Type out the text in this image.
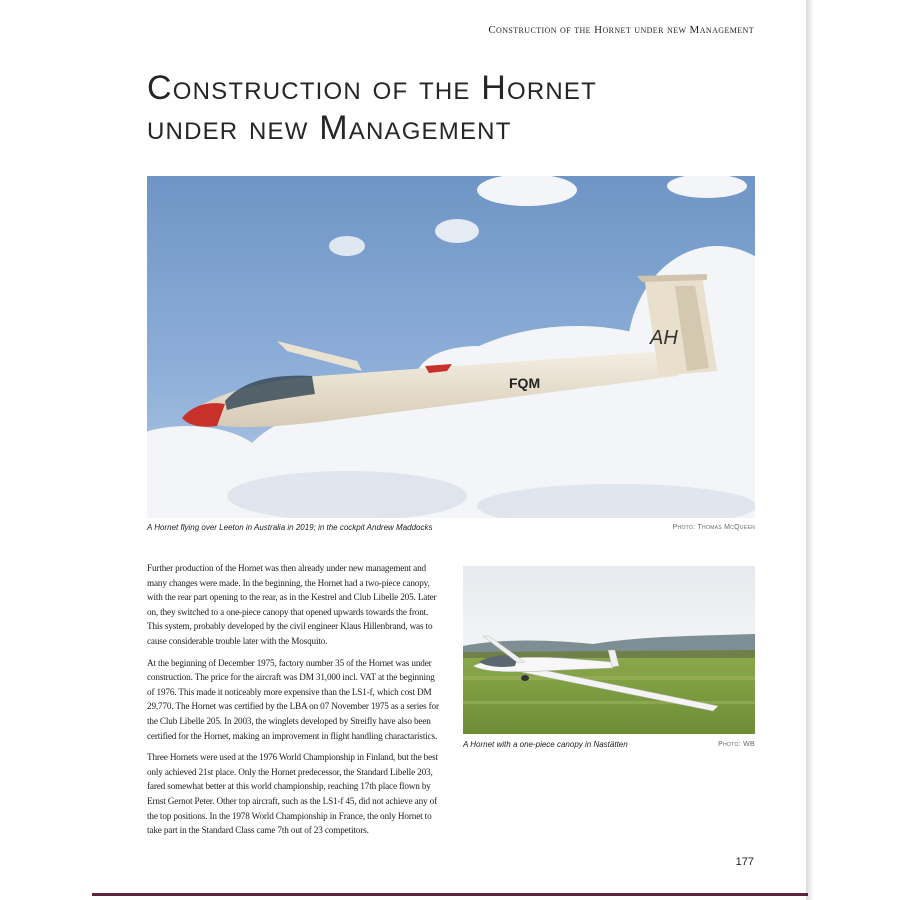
Construction of the Hornet under new Management
Construction of the Hornet
under new Management
FQM
AH
A Hornet flying over Leeton in Australia in 2019; in the cockpit Andrew Maddocks	Photo: Thomas McQueen

Further production of the Hornet was then already under new management and many changes were made. In the beginning, the Hornet had a two-piece canopy, with the rear part opening to the rear, as in the Kestrel and Club Libelle 205. Later on, they switched to a one-piece canopy that opened upwards towards the front. This system, probably developed by the civil engineer Klaus Hillenbrand, was to cause considerable trouble later with the Mosquito.

At the beginning of December 1975, factory number 35 of the Hornet was under construction. The price for the aircraft was DM 31,000 incl. VAT at the beginning of 1976. This made it noticeably more expensive than the LS1-f, which cost DM 29,770. The Hornet was certified by the LBA on 07 November 1975 as a series for the Club Libelle 205. In 2003, the winglets developed by Streifly have also been certified for the Hornet, making an improvement in flight handling charactaristics.

Three Hornets were used at the 1976 World Championship in Finland, but the best only achieved 21st place. Only the Hornet predecessor, the Standard Libelle 203, fared somewhat better at this world championship, reaching 17th place flown by Ernst Gernot Peter. Other top aircraft, such as the LS1-f 45, did not achieve any of the top positions. In the 1978 World Championship in France, the only Hornet to take part in the Standard Class came 7th out of 23 competitors.

A Hornet with a one-piece canopy in Nastätten	Photo: WB
177
